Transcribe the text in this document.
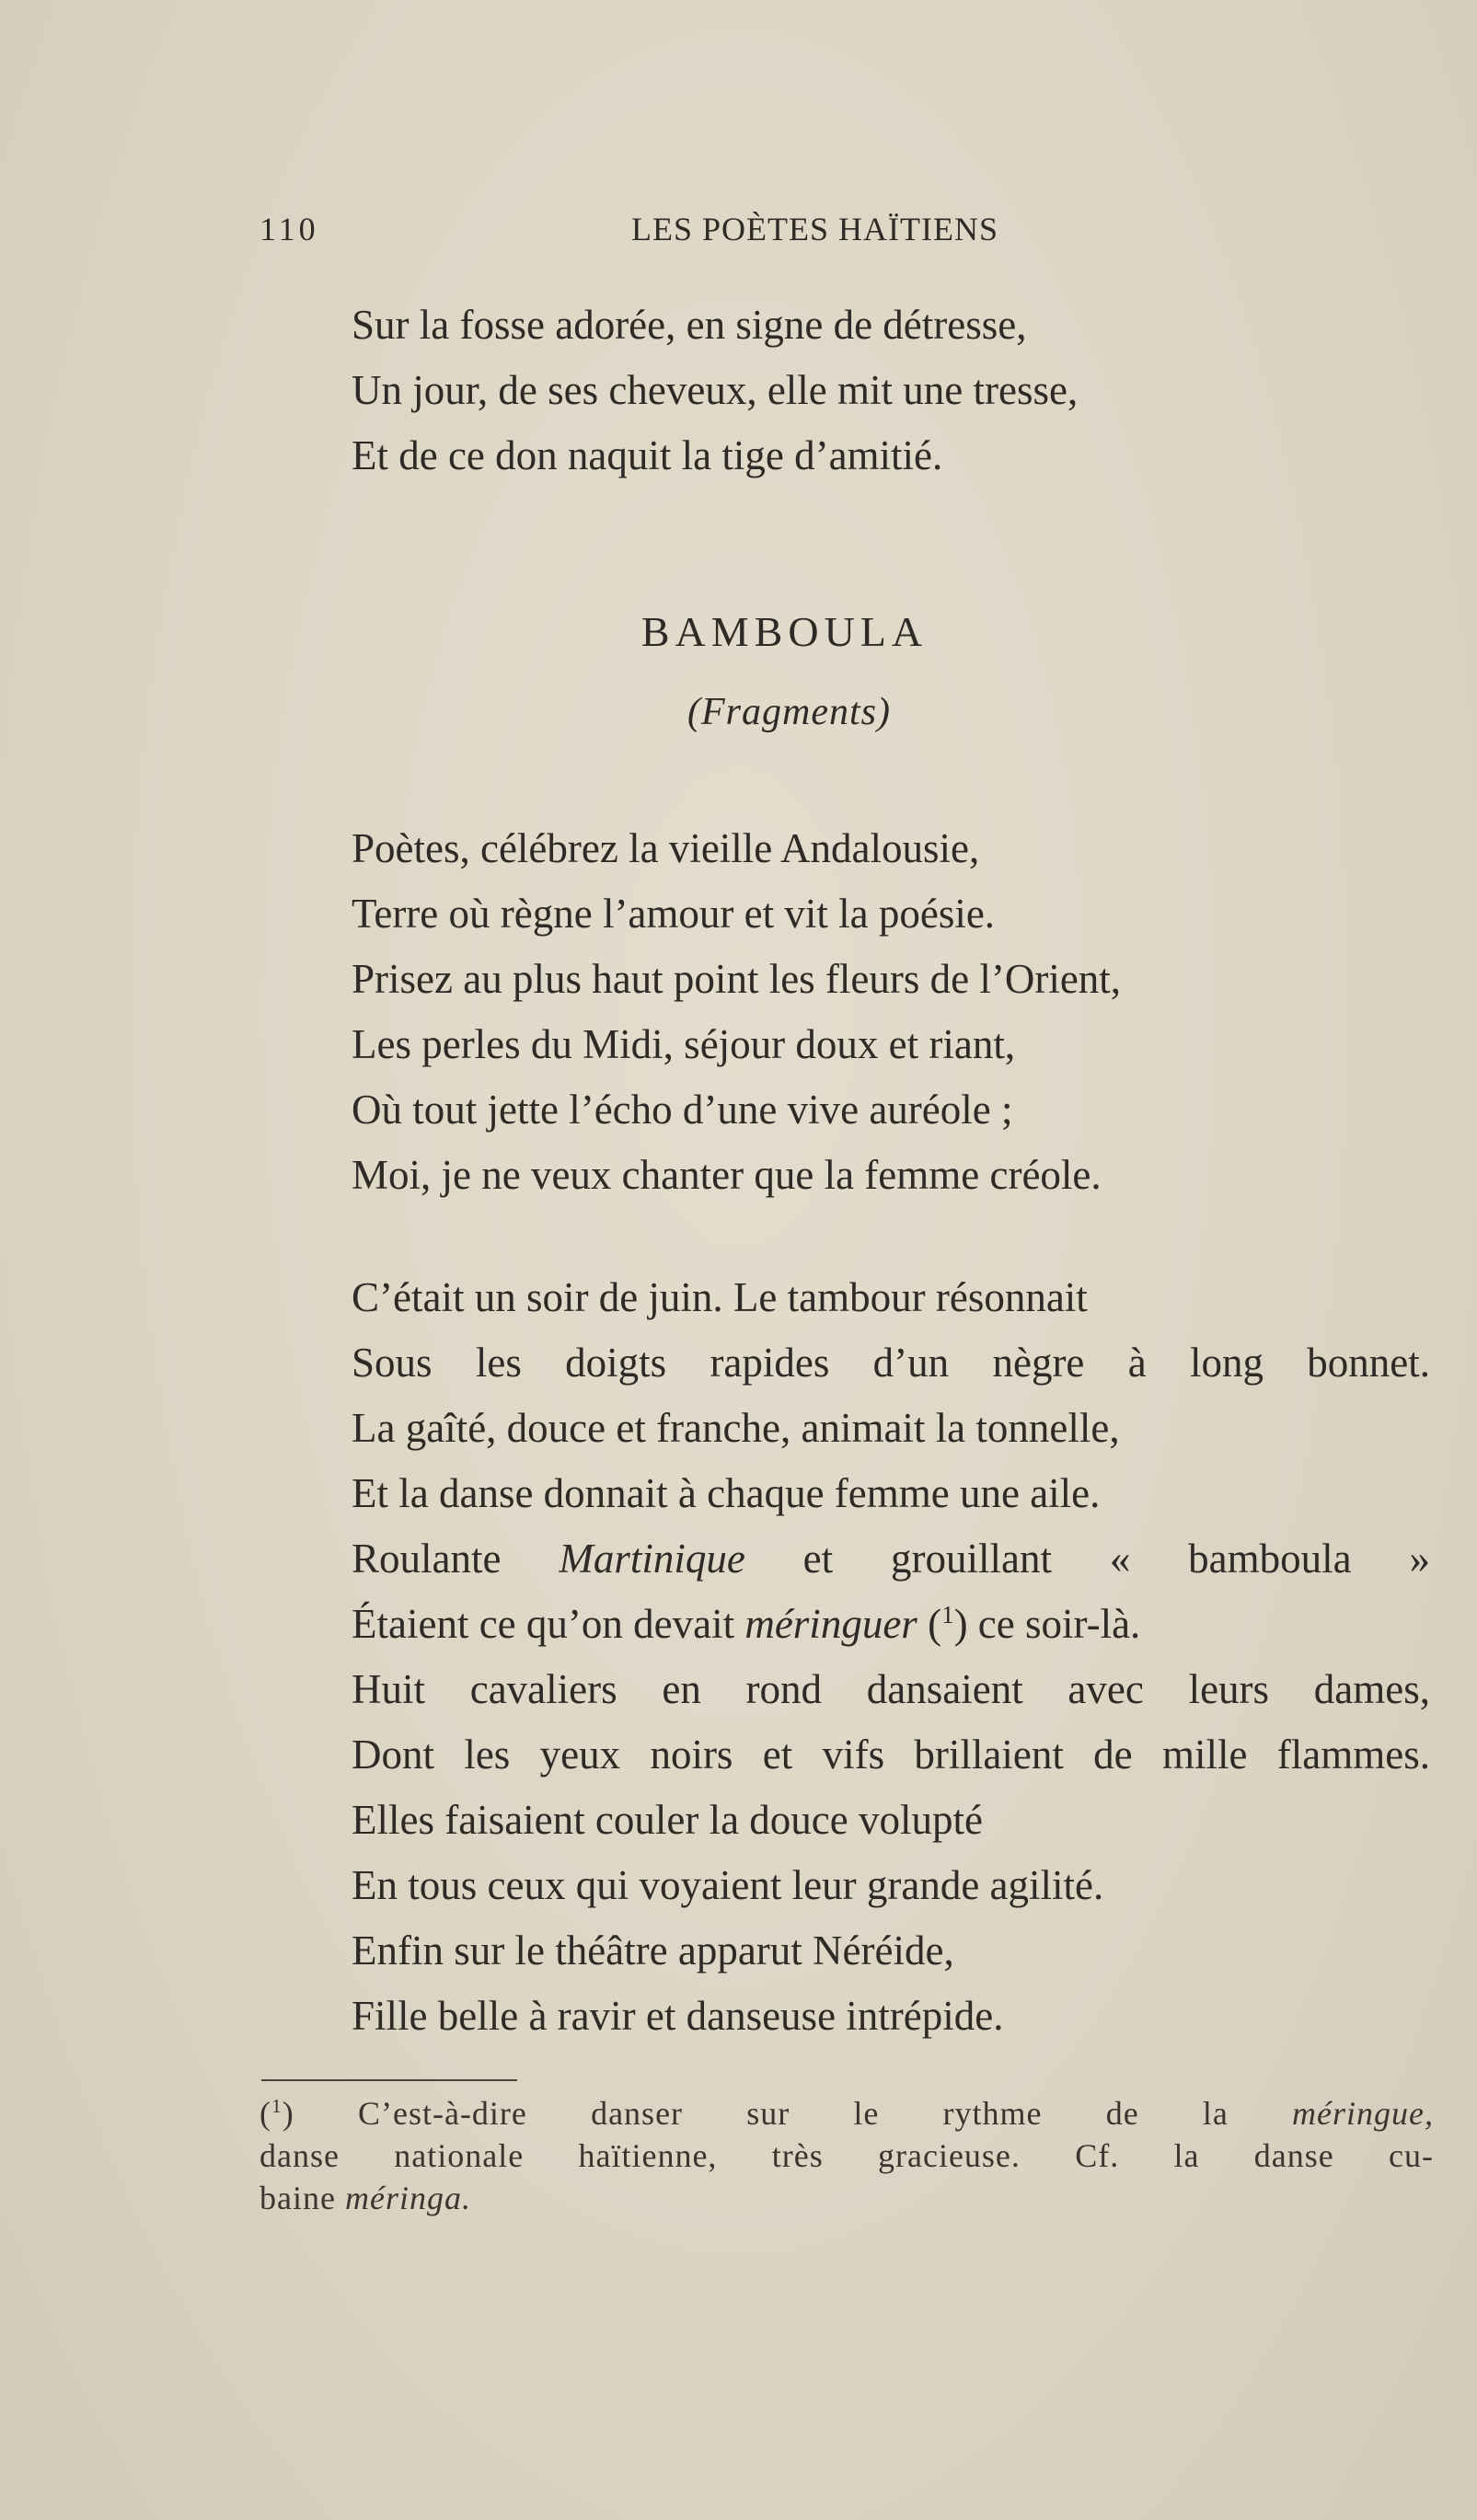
110	LES POÈTES HAÏTIENS
Sur la fosse adorée, en signe de détresse,
Un jour, de ses cheveux, elle mit une tresse,
Et de ce don naquit la tige d’amitié.
BAMBOULA
(Fragments)
Poètes, célébrez la vieille Andalousie,
Terre où règne l’amour et vit la poésie.
Prisez au plus haut point les fleurs de l’Orient,
Les perles du Midi, séjour doux et riant,
Où tout jette l’écho d’une vive auréole ;
Moi, je ne veux chanter que la femme créole.
C’était un soir de juin. Le tambour résonnait
Sous les doigts rapides d’un nègre à long bonnet.
La gaîté, douce et franche, animait la tonnelle,
Et la danse donnait à chaque femme une aile.
Roulante Martinique et grouillant « bamboula »
Étaient ce qu’on devait méringuer ($^1$) ce soir-là.
Huit cavaliers en rond dansaient avec leurs dames,
Dont les yeux noirs et vifs brillaient de mille flammes.
Elles faisaient couler la douce volupté
En tous ceux qui voyaient leur grande agilité.
Enfin sur le théâtre apparut Néréide,
Fille belle à ravir et danseuse intrépide.
($^1$) C’est-à-dire danser sur le rythme de la méringue,
danse nationale haïtienne, très gracieuse. Cf. la danse cu-
baine méringa.
